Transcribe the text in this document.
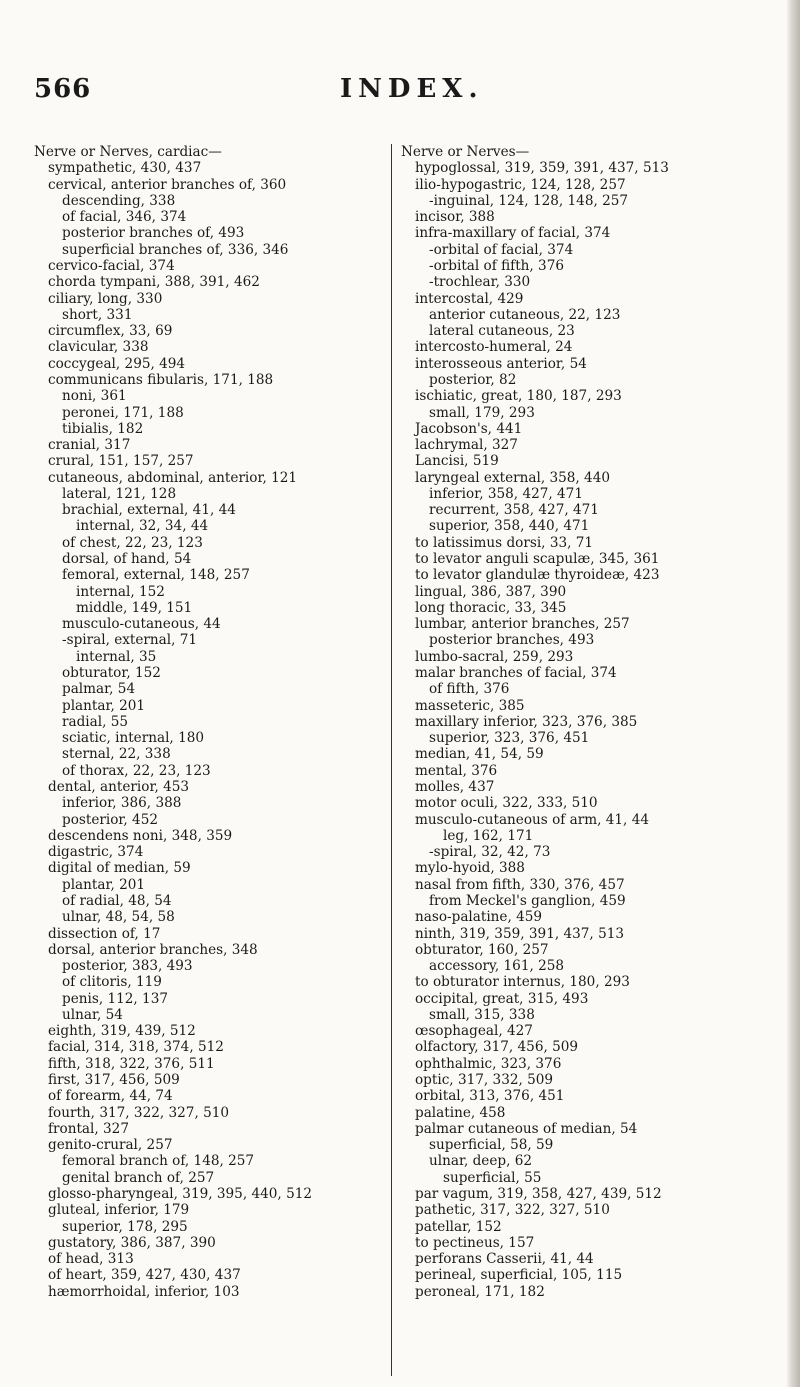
566	INDEX.
Nerve or Nerves, cardiac—
sympathetic, 430, 437
cervical, anterior branches of, 360
descending, 338
of facial, 346, 374
posterior branches of, 493
superficial branches of, 336, 346
cervico-facial, 374
chorda tympani, 388, 391, 462
ciliary, long, 330
short, 331
circumflex, 33, 69
clavicular, 338
coccygeal, 295, 494
communicans fibularis, 171, 188
noni, 361
peronei, 171, 188
tibialis, 182
cranial, 317
crural, 151, 157, 257
cutaneous, abdominal, anterior, 121
lateral, 121, 128
brachial, external, 41, 44
internal, 32, 34, 44
of chest, 22, 23, 123
dorsal, of hand, 54
femoral, external, 148, 257
internal, 152
middle, 149, 151
musculo-cutaneous, 44
-spiral, external, 71
internal, 35
obturator, 152
palmar, 54
plantar, 201
radial, 55
sciatic, internal, 180
sternal, 22, 338
of thorax, 22, 23, 123
dental, anterior, 453
inferior, 386, 388
posterior, 452
descendens noni, 348, 359
digastric, 374
digital of median, 59
plantar, 201
of radial, 48, 54
ulnar, 48, 54, 58
dissection of, 17
dorsal, anterior branches, 348
posterior, 383, 493
of clitoris, 119
penis, 112, 137
ulnar, 54
eighth, 319, 439, 512
facial, 314, 318, 374, 512
fifth, 318, 322, 376, 511
first, 317, 456, 509
of forearm, 44, 74
fourth, 317, 322, 327, 510
frontal, 327
genito-crural, 257
femoral branch of, 148, 257
genital branch of, 257
glosso-pharyngeal, 319, 395, 440, 512
gluteal, inferior, 179
superior, 178, 295
gustatory, 386, 387, 390
of head, 313
of heart, 359, 427, 430, 437
hæmorrhoidal, inferior, 103
Nerve or Nerves—
hypoglossal, 319, 359, 391, 437, 513
ilio-hypogastric, 124, 128, 257
-inguinal, 124, 128, 148, 257
incisor, 388
infra-maxillary of facial, 374
-orbital of facial, 374
-orbital of fifth, 376
-trochlear, 330
intercostal, 429
anterior cutaneous, 22, 123
lateral cutaneous, 23
intercosto-humeral, 24
interosseous anterior, 54
posterior, 82
ischiatic, great, 180, 187, 293
small, 179, 293
Jacobson's, 441
lachrymal, 327
Lancisi, 519
laryngeal external, 358, 440
inferior, 358, 427, 471
recurrent, 358, 427, 471
superior, 358, 440, 471
to latissimus dorsi, 33, 71
to levator anguli scapulæ, 345, 361
to levator glandulæ thyroideæ, 423
lingual, 386, 387, 390
long thoracic, 33, 345
lumbar, anterior branches, 257
posterior branches, 493
lumbo-sacral, 259, 293
malar branches of facial, 374
of fifth, 376
masseteric, 385
maxillary inferior, 323, 376, 385
superior, 323, 376, 451
median, 41, 54, 59
mental, 376
molles, 437
motor oculi, 322, 333, 510
musculo-cutaneous of arm, 41, 44
leg, 162, 171
-spiral, 32, 42, 73
mylo-hyoid, 388
nasal from fifth, 330, 376, 457
from Meckel's ganglion, 459
naso-palatine, 459
ninth, 319, 359, 391, 437, 513
obturator, 160, 257
accessory, 161, 258
to obturator internus, 180, 293
occipital, great, 315, 493
small, 315, 338
œsophageal, 427
olfactory, 317, 456, 509
ophthalmic, 323, 376
optic, 317, 332, 509
orbital, 313, 376, 451
palatine, 458
palmar cutaneous of median, 54
superficial, 58, 59
ulnar, deep, 62
superficial, 55
par vagum, 319, 358, 427, 439, 512
pathetic, 317, 322, 327, 510
patellar, 152
to pectineus, 157
perforans Casserii, 41, 44
perineal, superficial, 105, 115
peroneal, 171, 182
